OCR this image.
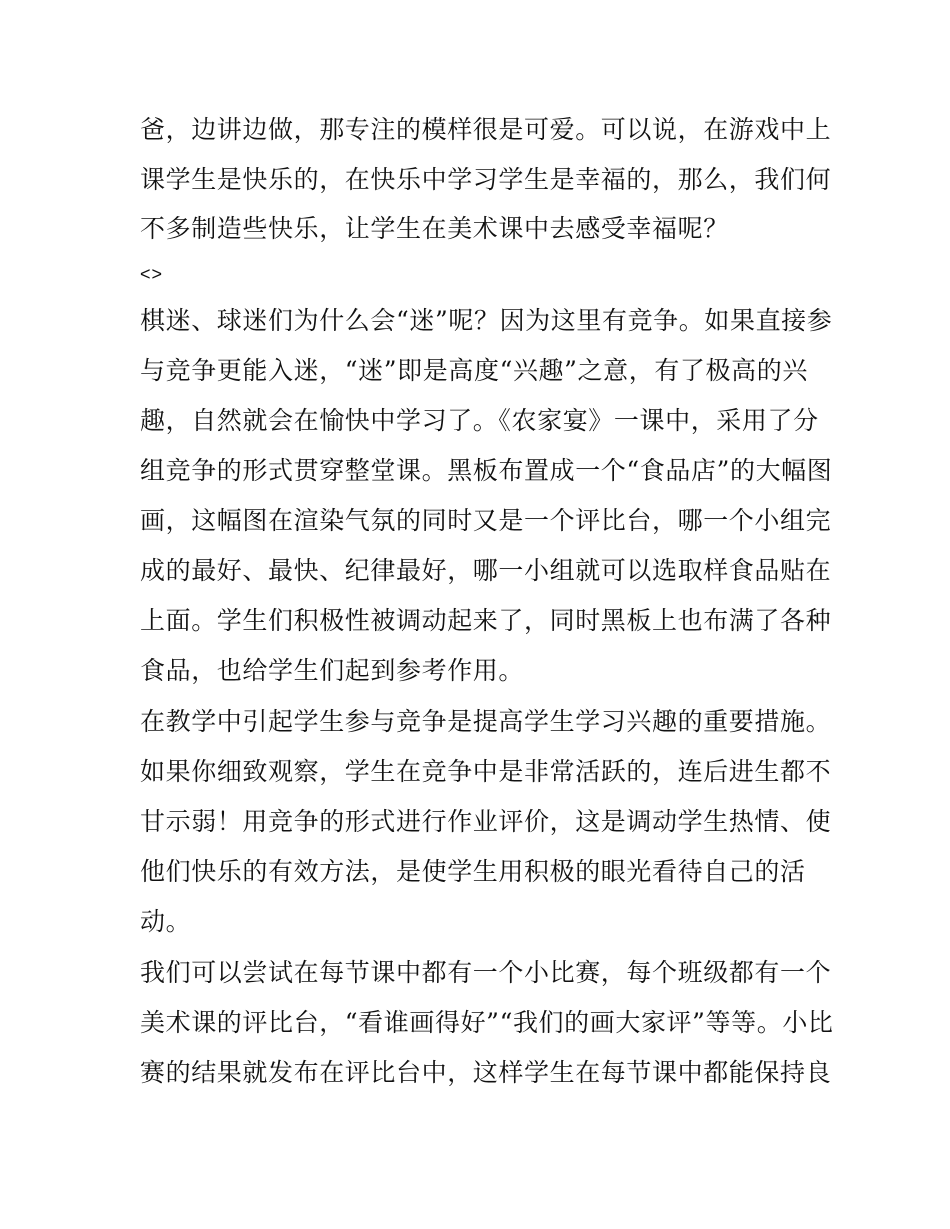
爸，边讲边做，那专注的模样很是可爱。可以说，在游戏中上
课学生是快乐的，在快乐中学习学生是幸福的，那么，我们何
不多制造些快乐，让学生在美术课中去感受幸福呢？
<>
棋迷、球迷们为什么会“迷”呢？因为这里有竞争。如果直接参
与竞争更能入迷，“迷”即是高度“兴趣”之意，有了极高的兴
趣，自然就会在愉快中学习了。《农家宴》一课中，采用了分
组竞争的形式贯穿整堂课。黑板布置成一个“食品店”的大幅图
画，这幅图在渲染气氛的同时又是一个评比台，哪一个小组完
成的最好、最快、纪律最好，哪一小组就可以选取样食品贴在
上面。学生们积极性被调动起来了，同时黑板上也布满了各种
食品，也给学生们起到参考作用。
在教学中引起学生参与竞争是提高学生学习兴趣的重要措施。
如果你细致观察，学生在竞争中是非常活跃的，连后进生都不
甘示弱！用竞争的形式进行作业评价，这是调动学生热情、使
他们快乐的有效方法，是使学生用积极的眼光看待自己的活
动。
我们可以尝试在每节课中都有一个小比赛，每个班级都有一个
美术课的评比台，“看谁画得好”“我们的画大家评”等等。小比
赛的结果就发布在评比台中，这样学生在每节课中都能保持良
